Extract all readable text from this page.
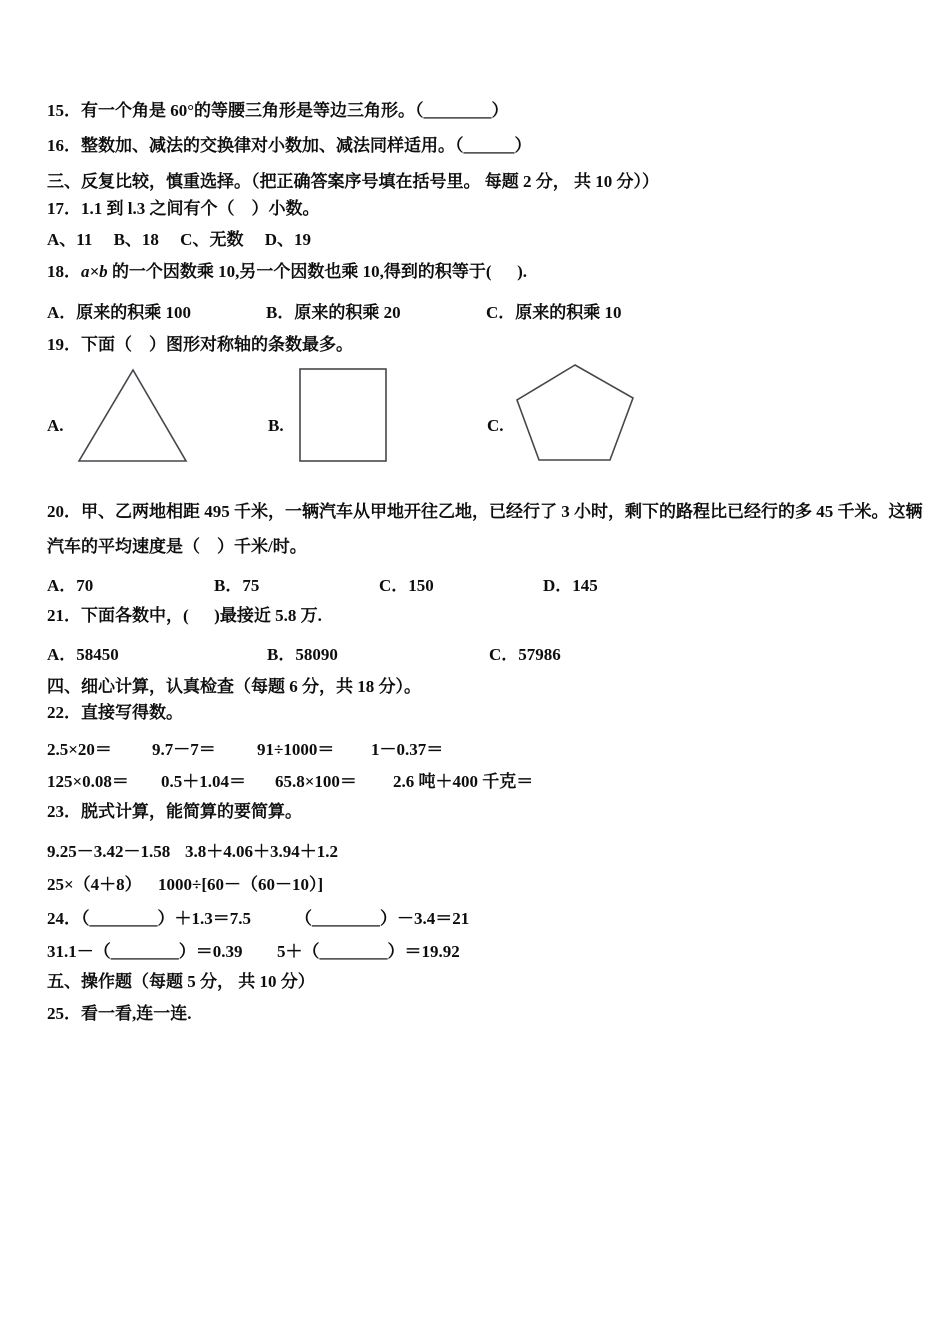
15．有一个角是 60°的等腰三角形是等边三角形。（________）
16．整数加、减法的交换律对小数加、减法同样适用。（______）
三、反复比较，慎重选择。（把正确答案序号填在括号里。 每题 2 分， 共 10 分））
17．1.1 到 l.3 之间有个（　）小数。
A、11　 B、18　 C、无数　 D、19
18．a×b 的一个因数乘 10,另一个因数也乘 10,得到的积等于(      ).
A．原来的积乘 100	B．原来的积乘 20	C．原来的积乘 10
19．下面（　）图形对称轴的条数最多。
A.	B.	C.
20．甲、乙两地相距 495 千米，一辆汽车从甲地开往乙地，已经行了 3 小时，剩下的路程比已经行的多 45 千米。这辆
汽车的平均速度是（　）千米/时。
A．70	B．75	C．150	D．145
21．下面各数中，(      )最接近 5.8 万.
A．58450	B．58090	C．57986
四、细心计算，认真检查（每题 6 分，共 18 分）。
22．直接写得数。
2.5×20＝ 9.7－7＝ 91÷1000＝ 1－0.37＝
125×0.08＝ 0.5＋1.04＝ 65.8×100＝ 2.6 吨＋400 千克＝
23．脱式计算，能简算的要简算。
9.25－3.42－1.58 3.8＋4.06＋3.94＋1.2
25×（4＋8） 1000÷[60－（60－10）]
24．（________）＋1.3＝7.5	（________）－3.4＝21
31.1－（________）＝0.39 5＋（________）＝19.92
五、操作题（每题 5 分， 共 10 分）
25．看一看,连一连.
